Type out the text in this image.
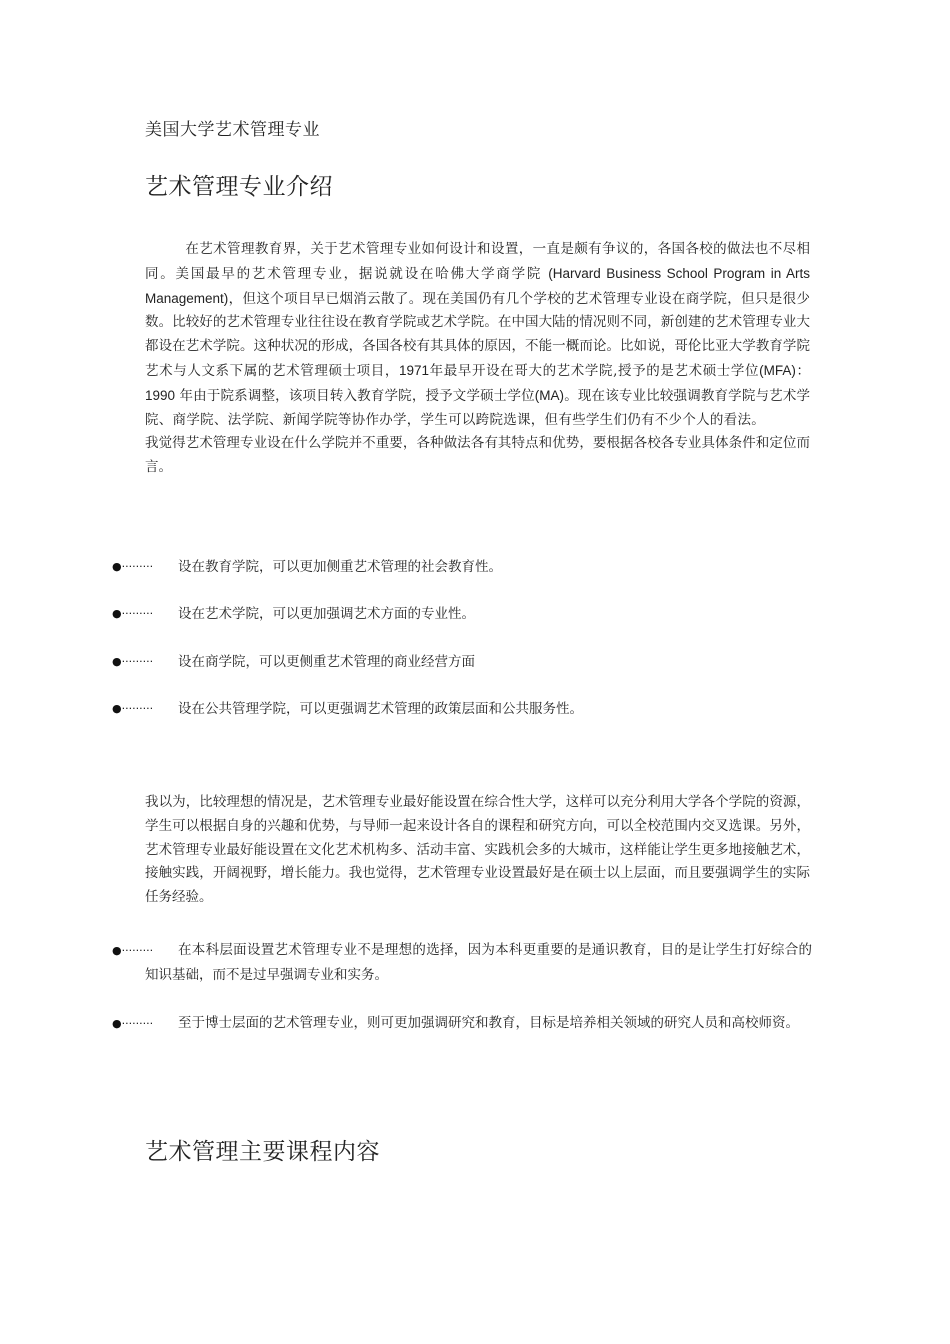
美国大学艺术管理专业
艺术管理专业介绍
在艺术管理教育界，关于艺术管理专业如何设计和设置，一直是颇有争议的，各国各校的做法也不尽相同。美国最早的艺术管理专业，据说就设在哈佛大学商学院 (Harvard Business School Program in Arts Management)，但这个项目早已烟消云散了。现在美国仍有几个学校的艺术管理专业设在商学院，但只是很少数。比较好的艺术管理专业往往设在教育学院或艺术学院。在中国大陆的情况则不同，新创建的艺术管理专业大都设在艺术学院。这种状况的形成，各国各校有其具体的原因，不能一概而论。比如说，哥伦比亚大学教育学院艺术与人文系下属的艺术管理硕士项目，1971年最早开设在哥大的艺术学院,授予的是艺术硕士学位(MFA)：1990 年由于院系调整，该项目转入教育学院，授予文学硕士学位(MA)。现在该专业比较强调教育学院与艺术学院、商学院、法学院、新闻学院等协作办学，学生可以跨院选课，但有些学生们仍有不少个人的看法。我觉得艺术管理专业设在什么学院并不重要，各种做法各有其特点和优势，要根据各校各专业具体条件和定位而言。
●········· 设在教育学院，可以更加侧重艺术管理的社会教育性。
●········· 设在艺术学院，可以更加强调艺术方面的专业性。
●········· 设在商学院，可以更侧重艺术管理的商业经营方面
●········· 设在公共管理学院，可以更强调艺术管理的政策层面和公共服务性。
我以为，比较理想的情况是，艺术管理专业最好能设置在综合性大学，这样可以充分利用大学各个学院的资源，学生可以根据自身的兴趣和优势，与导师一起来设计各自的课程和研究方向，可以全校范围内交叉选课。另外，艺术管理专业最好能设置在文化艺术机构多、活动丰富、实践机会多的大城市，这样能让学生更多地接触艺术，接触实践，开阔视野，增长能力。我也觉得，艺术管理专业设置最好是在硕士以上层面，而且要强调学生的实际任务经验。
●·········	在本科层面设置艺术管理专业不是理想的选择，因为本科更重要的是通识教育，目的是让学生打好综合的知识基础，而不是过早强调专业和实务。
●·········	至于博士层面的艺术管理专业，则可更加强调研究和教育，目标是培养相关领域的研究人员和高校师资。
艺术管理主要课程内容
